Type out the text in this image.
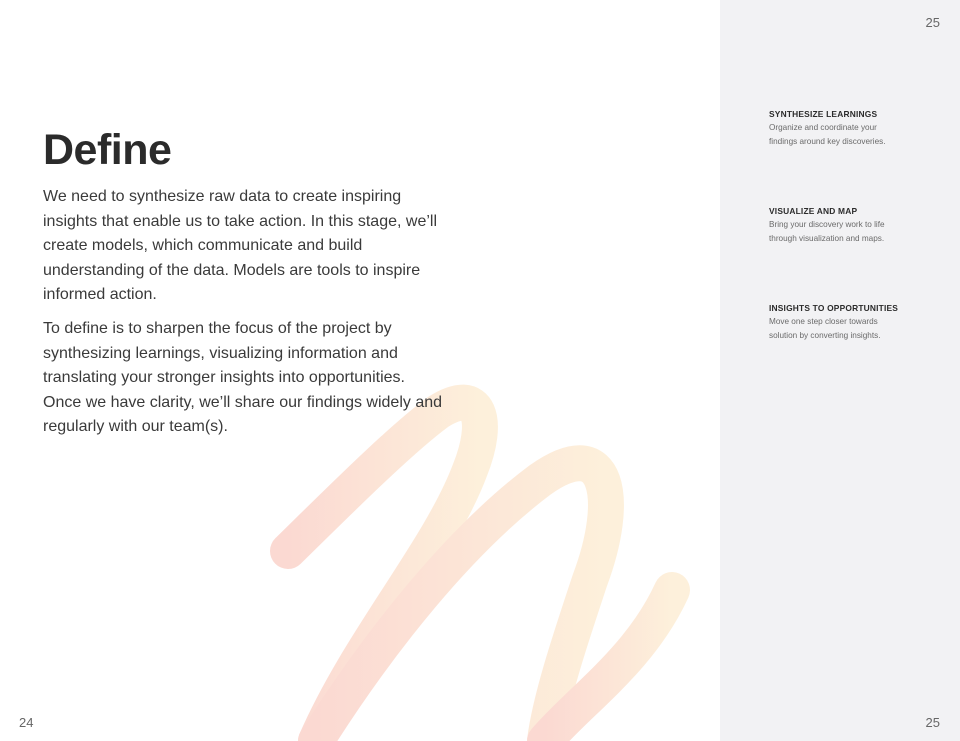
Define

We need to synthesize raw data to create inspiring insights that enable us to take action. In this stage, we’ll create models, which communicate and build understanding of the data. Models are tools to inspire informed action.

To define is to sharpen the focus of the project by synthesizing learnings, visualizing information and translating your stronger insights into opportunities. Once we have clarity, we’ll share our findings widely and regularly with our team(s).

24
25
SYNTHESIZE LEARNINGS

Organize and coordinate your
findings around key discoveries.

VISUALIZE AND MAP

Bring your discovery work to life
through visualization and maps.

INSIGHTS TO OPPORTUNITIES

Move one step closer towards
solution by converting insights.

25
